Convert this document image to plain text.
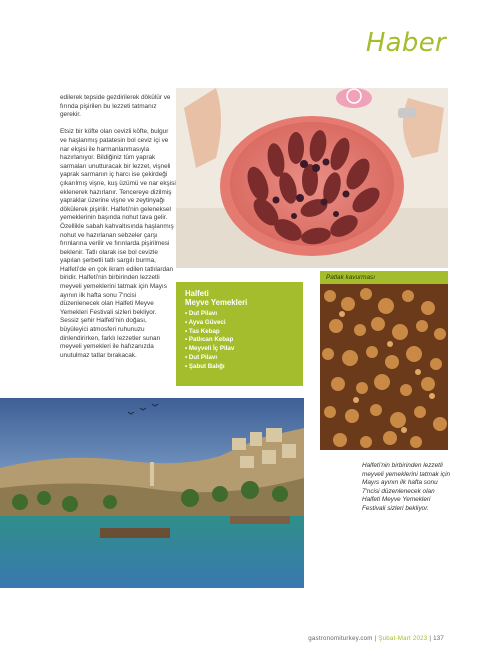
Haber

edilerek tepside gezdirilerek dökülür ve fırında pişirilen bu lezzeti tatmanız gerekir.

Etsiz bir köfte olan cevizli köfte, bulgur ve haşlanmış patatesin bol ceviz içi ve nar ekşisi ile harmanlanmasıyla hazırlanıyor. Bildiğiniz tüm yaprak sarmaları unutturacak bir lezzet, vişneli yaprak sarmanın iç harcı ise çekirdeği çıkarılmış vişne, kuş üzümü ve nar ekşisi eklenerek hazırlanır. Tencereye dizilmiş yapraklar üzerine vişne ve zeytinyağı dökülerek pişirilir. Halfeti'nin geleneksel yemeklerinin başında nohut tava gelir. Özellikle sabah kahvaltısında haşlanmış nohut ve hazırlanan sebzeler çarşı fırınlarına verilir ve fırınlarda pişirilmesi beklenir. Tatlı olarak ise bol cevizle yapılan şerbetli tatlı sargılı burma, Halfeti'de en çok ikram edilen tatlılardan biridir. Halfeti'nin birbirinden lezzetli meyveli yemeklerini tatmak için Mayıs ayının ilk hafta sonu 7'ncisi düzenlenecek olan Halfeti Meyve Yemekleri Festivali sizleri bekliyor. Sessiz şehir Halfeti'nin doğası, büyüleyici atmosferi ruhunuzu dinlendirirken, farklı lezzetler sunan meyveli yemekleri ile hafızanızda unutulmaz tatlar bırakacak.

Halfeti
Meyve Yemekleri
• Dut Pilavı
• Ayva Güveci
• Tas Kebap
• Patlıcan Kebap
• Meyveli İç Pilav
• Dut Pilavı
• Şabut Balığı
Patlak kavurması
Halfeti'nin birbirinden lezzetli meyveli yemeklerini tatmak için Mayıs ayının ilk hafta sonu 7'ncisi düzenlenecek olan Halfeti Meyve Yemekleri Festivali sizleri bekliyor.
gastronomiturkey.com | Şubat-Mart 2023 | 137
